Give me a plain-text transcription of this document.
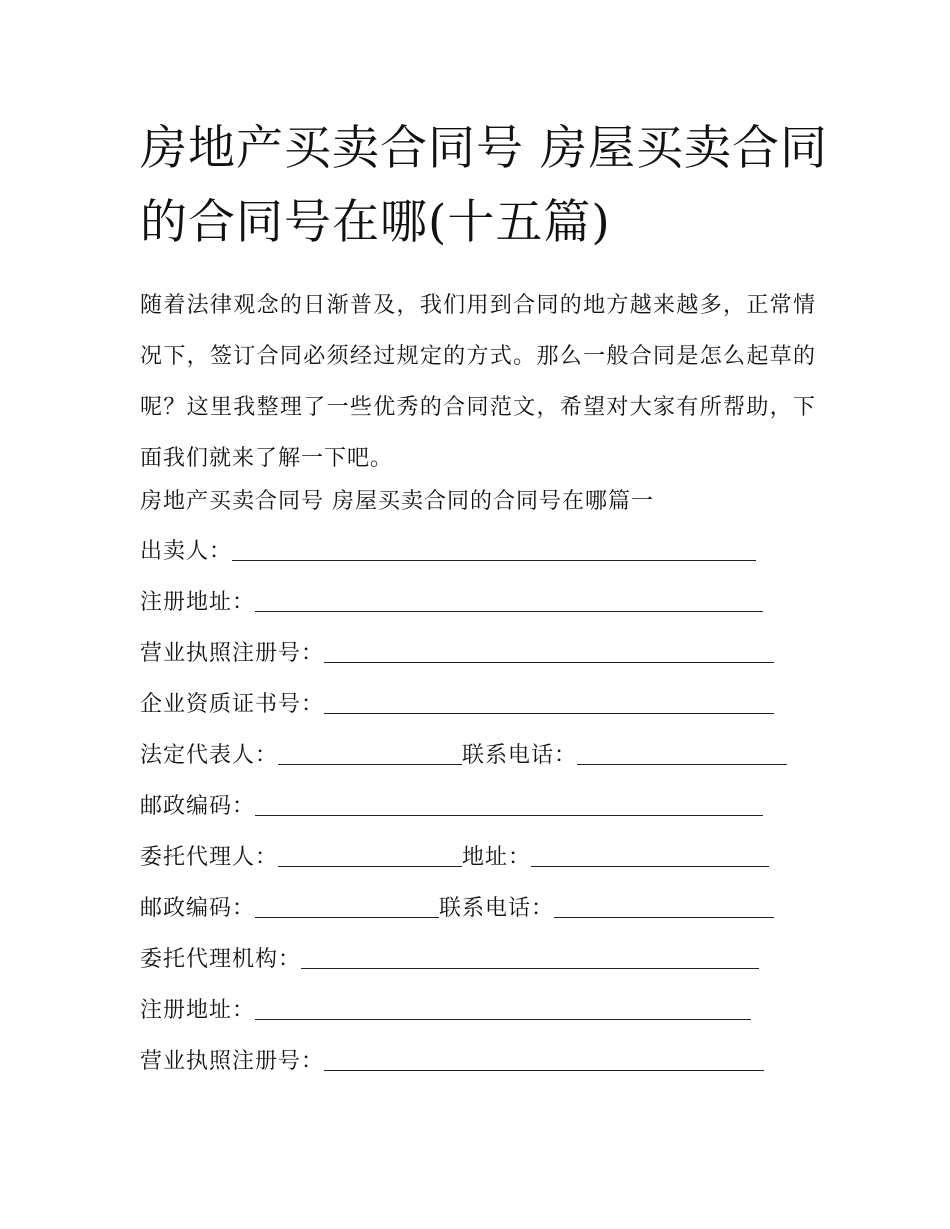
房地产买卖合同号 房屋买卖合同的合同号在哪(十五篇)

随着法律观念的日渐普及，我们用到合同的地方越来越多，正常情况下，签订合同必须经过规定的方式。那么一般合同是怎么起草的呢？这里我整理了一些优秀的合同范文，希望对大家有所帮助，下面我们就来了解一下吧。

房地产买卖合同号 房屋买卖合同的合同号在哪篇一

出卖人：
注册地址：
营业执照注册号：
企业资质证书号：
法定代表人：	联系电话：
邮政编码：
委托代理人：	地址：
邮政编码：	联系电话：
委托代理机构：
注册地址：
营业执照注册号：
